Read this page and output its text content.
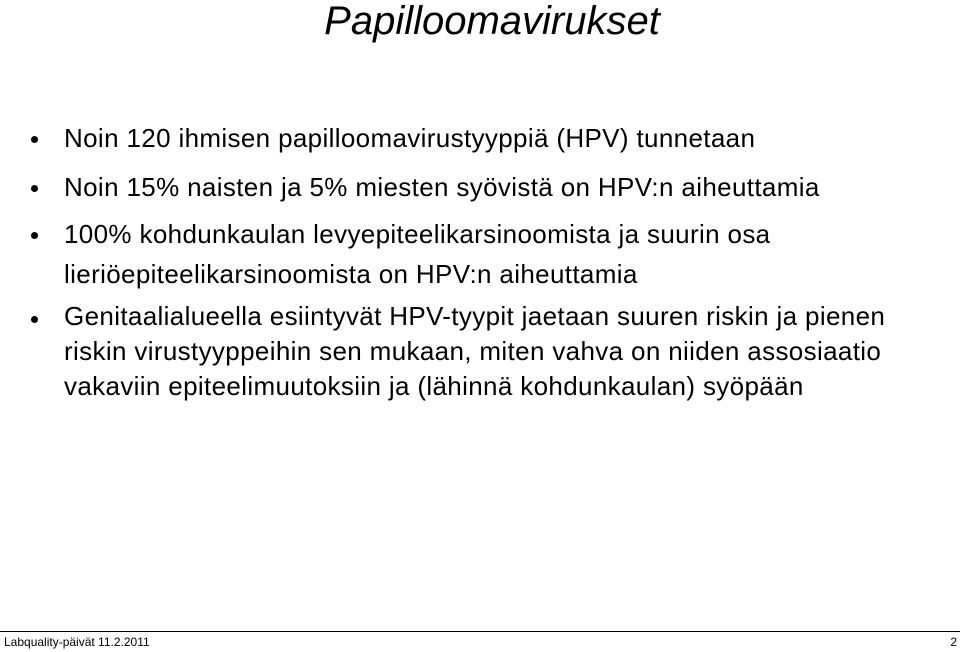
Papilloomavirukset
Noin 120 ihmisen papilloomavirustyyppiä (HPV) tunnetaan
Noin 15% naisten ja 5% miesten syövistä on HPV:n aiheuttamia
100% kohdunkaulan levyepiteelikarsinoomista ja suurin osa lieriöepiteelikarsinoomista on HPV:n aiheuttamia
Genitaalialueella esiintyvät HPV-tyypit jaetaan suuren riskin ja pienen riskin virustyyppeihin sen mukaan, miten vahva on niiden assosiaatio vakaviin epiteelimuutoksiin ja (lähinnä kohdunkaulan) syöpään
Labquality-päivät 11.2.2011	2
